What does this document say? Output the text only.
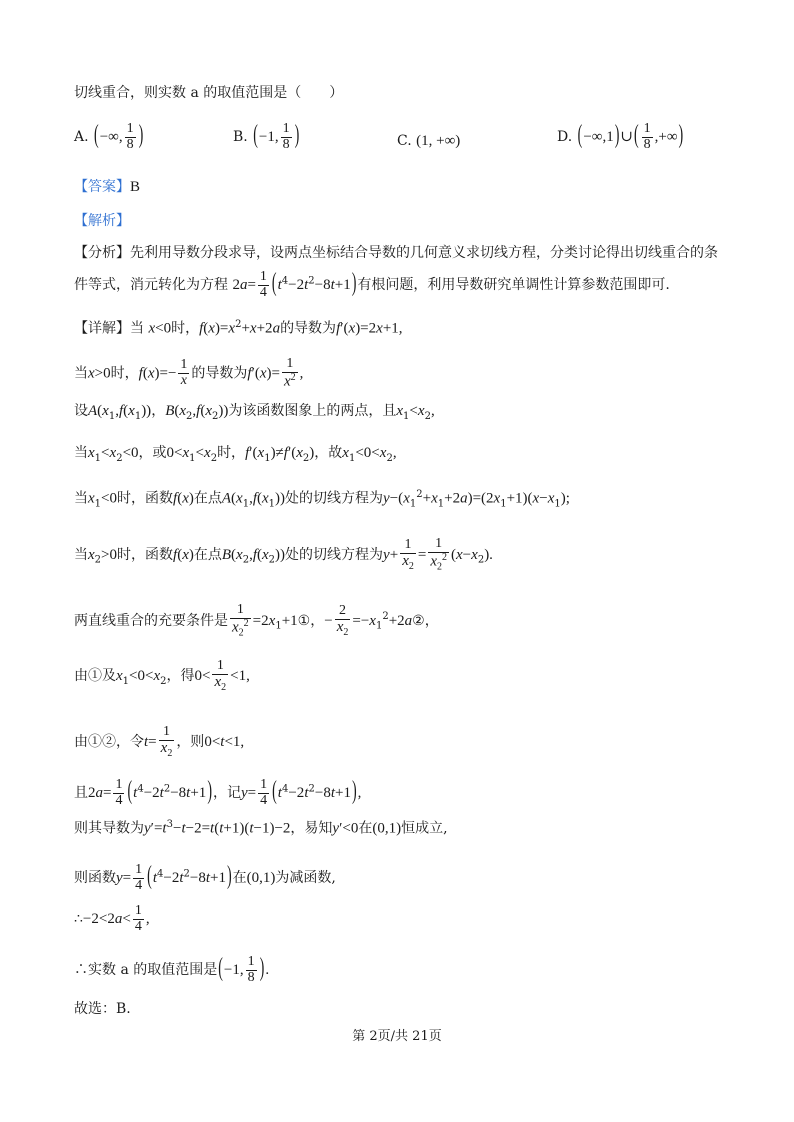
切线重合，则实数 a 的取值范围是（　　）
A. (−∞, $\frac{1}{8}$ )	B. (−1, $\frac{1}{8}$ )	C. (1, +∞)	D. (−∞,1)∪( $\frac{1}{8}$ ,+∞)
【答案】B
【解析】
【分析】先利用导数分段求导，设两点坐标结合导数的几何意义求切线方程，分类讨论得出切线重合的条
件等式，消元转化为方程 $2a= \frac{1}{4} (t^4-2t^2-8t+1)$有根问题，利用导数研究单调性计算参数范围即可.
【详解】当 x<0时，$f(x)=x^2+x+2a$的导数为f′(x)=2x+1,
当x>0时，$f(x)=- \frac{1}{x}$ 的导数为$f'(x)= \frac{1}{x^2}$ ,
设$A(x_1,f(x_1))$，$B(x_2,f(x_2))$为该函数图象上的两点，且$x_1<x_2$,
当$x_1<x_2<0$，或$0<x_1<x_2$时，$f'(x_1)\ne f'(x_2)$，故$x_1<0<x_2$,
当$x_1<0$时，函数f(x)在点$A(x_1,f(x_1))$处的切线方程为$y-(x_1^2+x_1+2a)=(2x_1+1)(x-x_1)$;
当$x_2>0$时，函数f(x)在点$B(x_2,f(x_2))$处的切线方程为$y+ \frac{1}{x_2} = \frac{1}{x_2^2} (x-x_2)$.
两直线重合的充要条件是 $\frac{1}{x_2^2}$ $=2x_1+1①$，− $\frac{2}{x_2}$ $=-x_1^2+2a②$，
由①及$x_1<0<x_2$，得$0< \frac{1}{x_2} <1$,
由①②，令$t= \frac{1}{x_2}$ ，则0<t<1,
且$2a= \frac{1}{4} (t^4-2t^2-8t+1)$，记$y= \frac{1}{4} (t^4-2t^2-8t+1)$,
则其导数为$y'=t^3-t-2=t(t+1)(t-1)-2$，易知y′<0在(0,1)恒成立,
则函数$y= \frac{1}{4} (t^4-2t^2-8t+1)$在(0,1)为减函数,
∴−2<2a< $\frac{1}{4}$ ,
∴实数 a 的取值范围是(−1, $\frac{1}{8}$ ).
故选：B.
第 2页/共 21页
